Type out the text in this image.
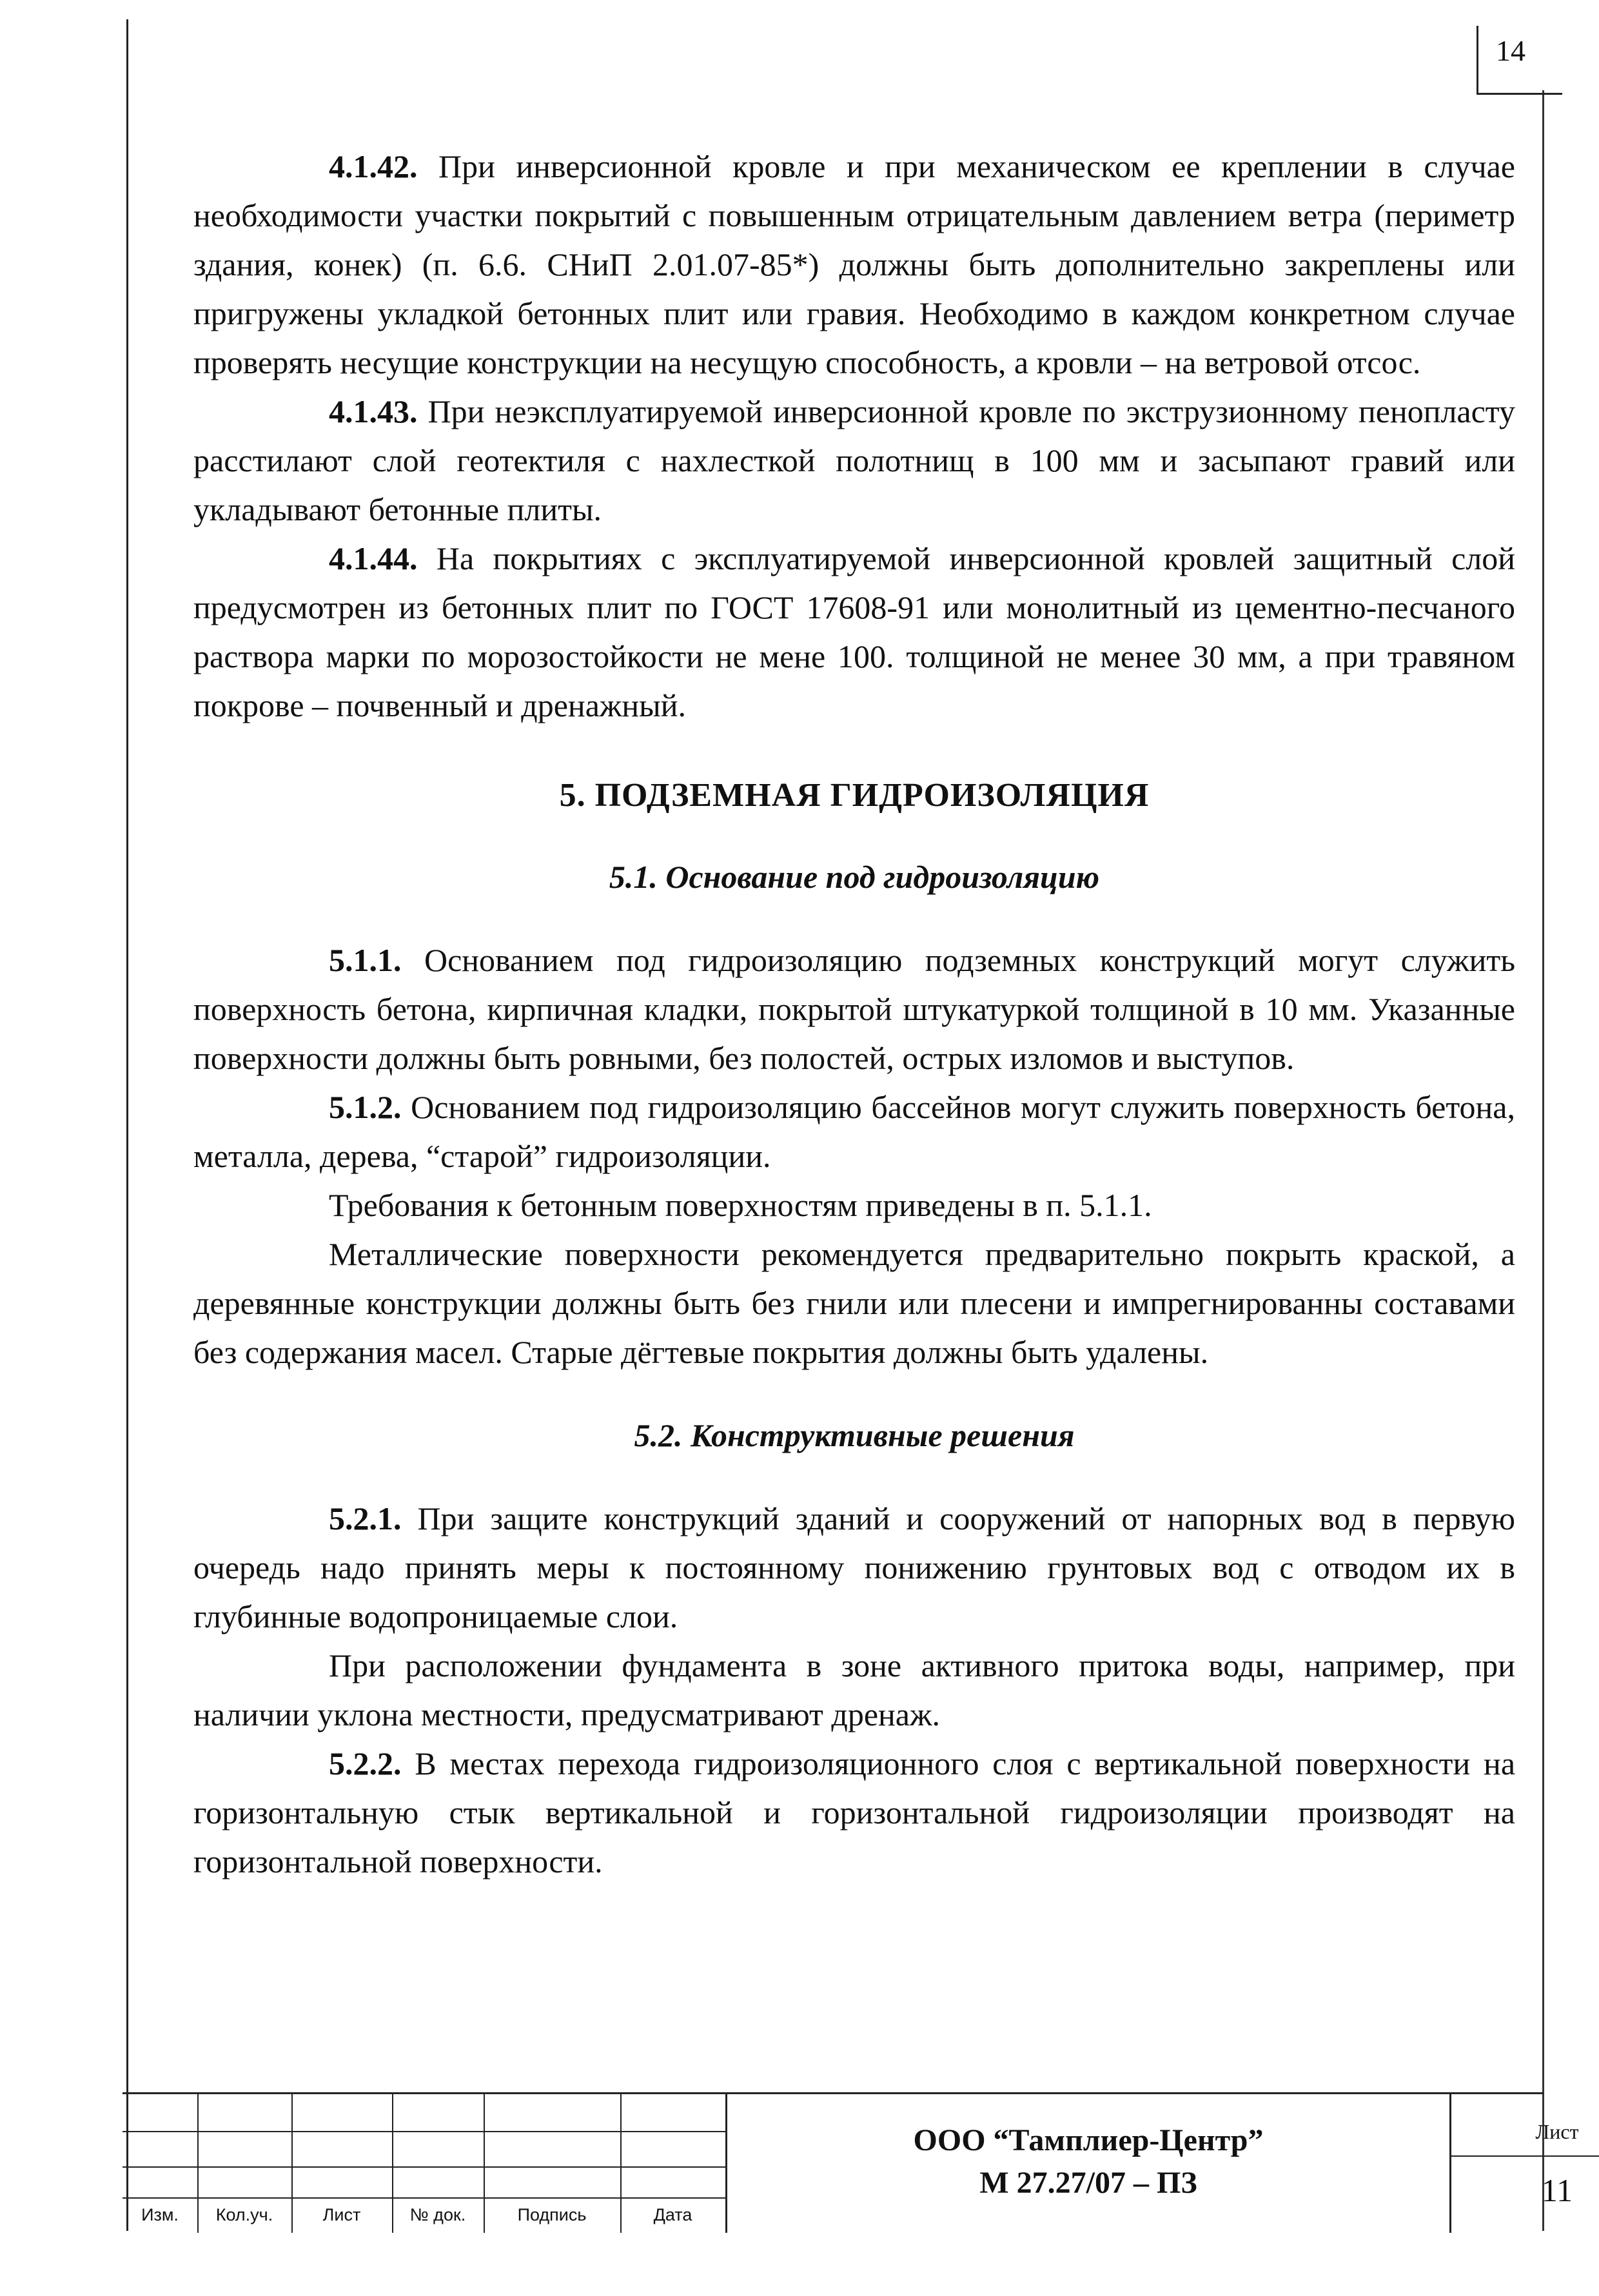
14

4.1.42. При инверсионной кровле и при механическом ее креплении в случае необходимости участки покрытий с повышенным отрицательным давлением ветра (периметр здания, конек) (п. 6.6. СНиП 2.01.07-85*) должны быть дополнительно закреплены или пригружены укладкой бетонных плит или гравия. Необходимо в каждом конкретном случае проверять несущие конструкции на несущую способность, а кровли – на ветровой отсос.

4.1.43. При неэксплуатируемой инверсионной кровле по экструзионному пенопласту расстилают слой геотектиля с нахлесткой полотнищ в 100 мм и засыпают гравий или укладывают бетонные плиты.

4.1.44. На покрытиях с эксплуатируемой инверсионной кровлей защитный слой предусмотрен из бетонных плит по ГОСТ 17608-91 или монолитный из цементно-песчаного раствора марки по морозостойкости не мене 100. толщиной не менее 30 мм, а при травяном покрове – почвенный и дренажный.

5. ПОДЗЕМНАЯ ГИДРОИЗОЛЯЦИЯ

5.1. Основание под гидроизоляцию

5.1.1. Основанием под гидроизоляцию подземных конструкций могут служить поверхность бетона, кирпичная кладки, покрытой штукатуркой толщиной в 10 мм. Указанные поверхности должны быть ровными, без полостей, острых изломов и выступов.

5.1.2. Основанием под гидроизоляцию бассейнов могут служить поверхность бетона, металла, дерева, “старой” гидроизоляции.

Требования к бетонным поверхностям приведены в п. 5.1.1.

Металлические поверхности рекомендуется предварительно покрыть краской, а деревянные конструкции должны быть без гнили или плесени и импрегнированны составами без содержания масел. Старые дёгтевые покрытия должны быть удалены.

5.2. Конструктивные решения

5.2.1. При защите конструкций зданий и сооружений от напорных вод в первую очередь надо принять меры к постоянному понижению грунтовых вод с отводом их в глубинные водопроницаемые слои.

При расположении фундамента в зоне активного притока воды, например, при наличии уклона местности, предусматривают дренаж.

5.2.2. В местах перехода гидроизоляционного слоя с вертикальной поверхности на горизонтальную стык вертикальной и горизонтальной гидроизоляции производят на горизонтальной поверхности.

Изм.	Кол.уч.	Лист	№ док.	Подпись	Дата
ООО “Тамплиер-Центр”
М 27.27/07 – ПЗ
Лист
11
